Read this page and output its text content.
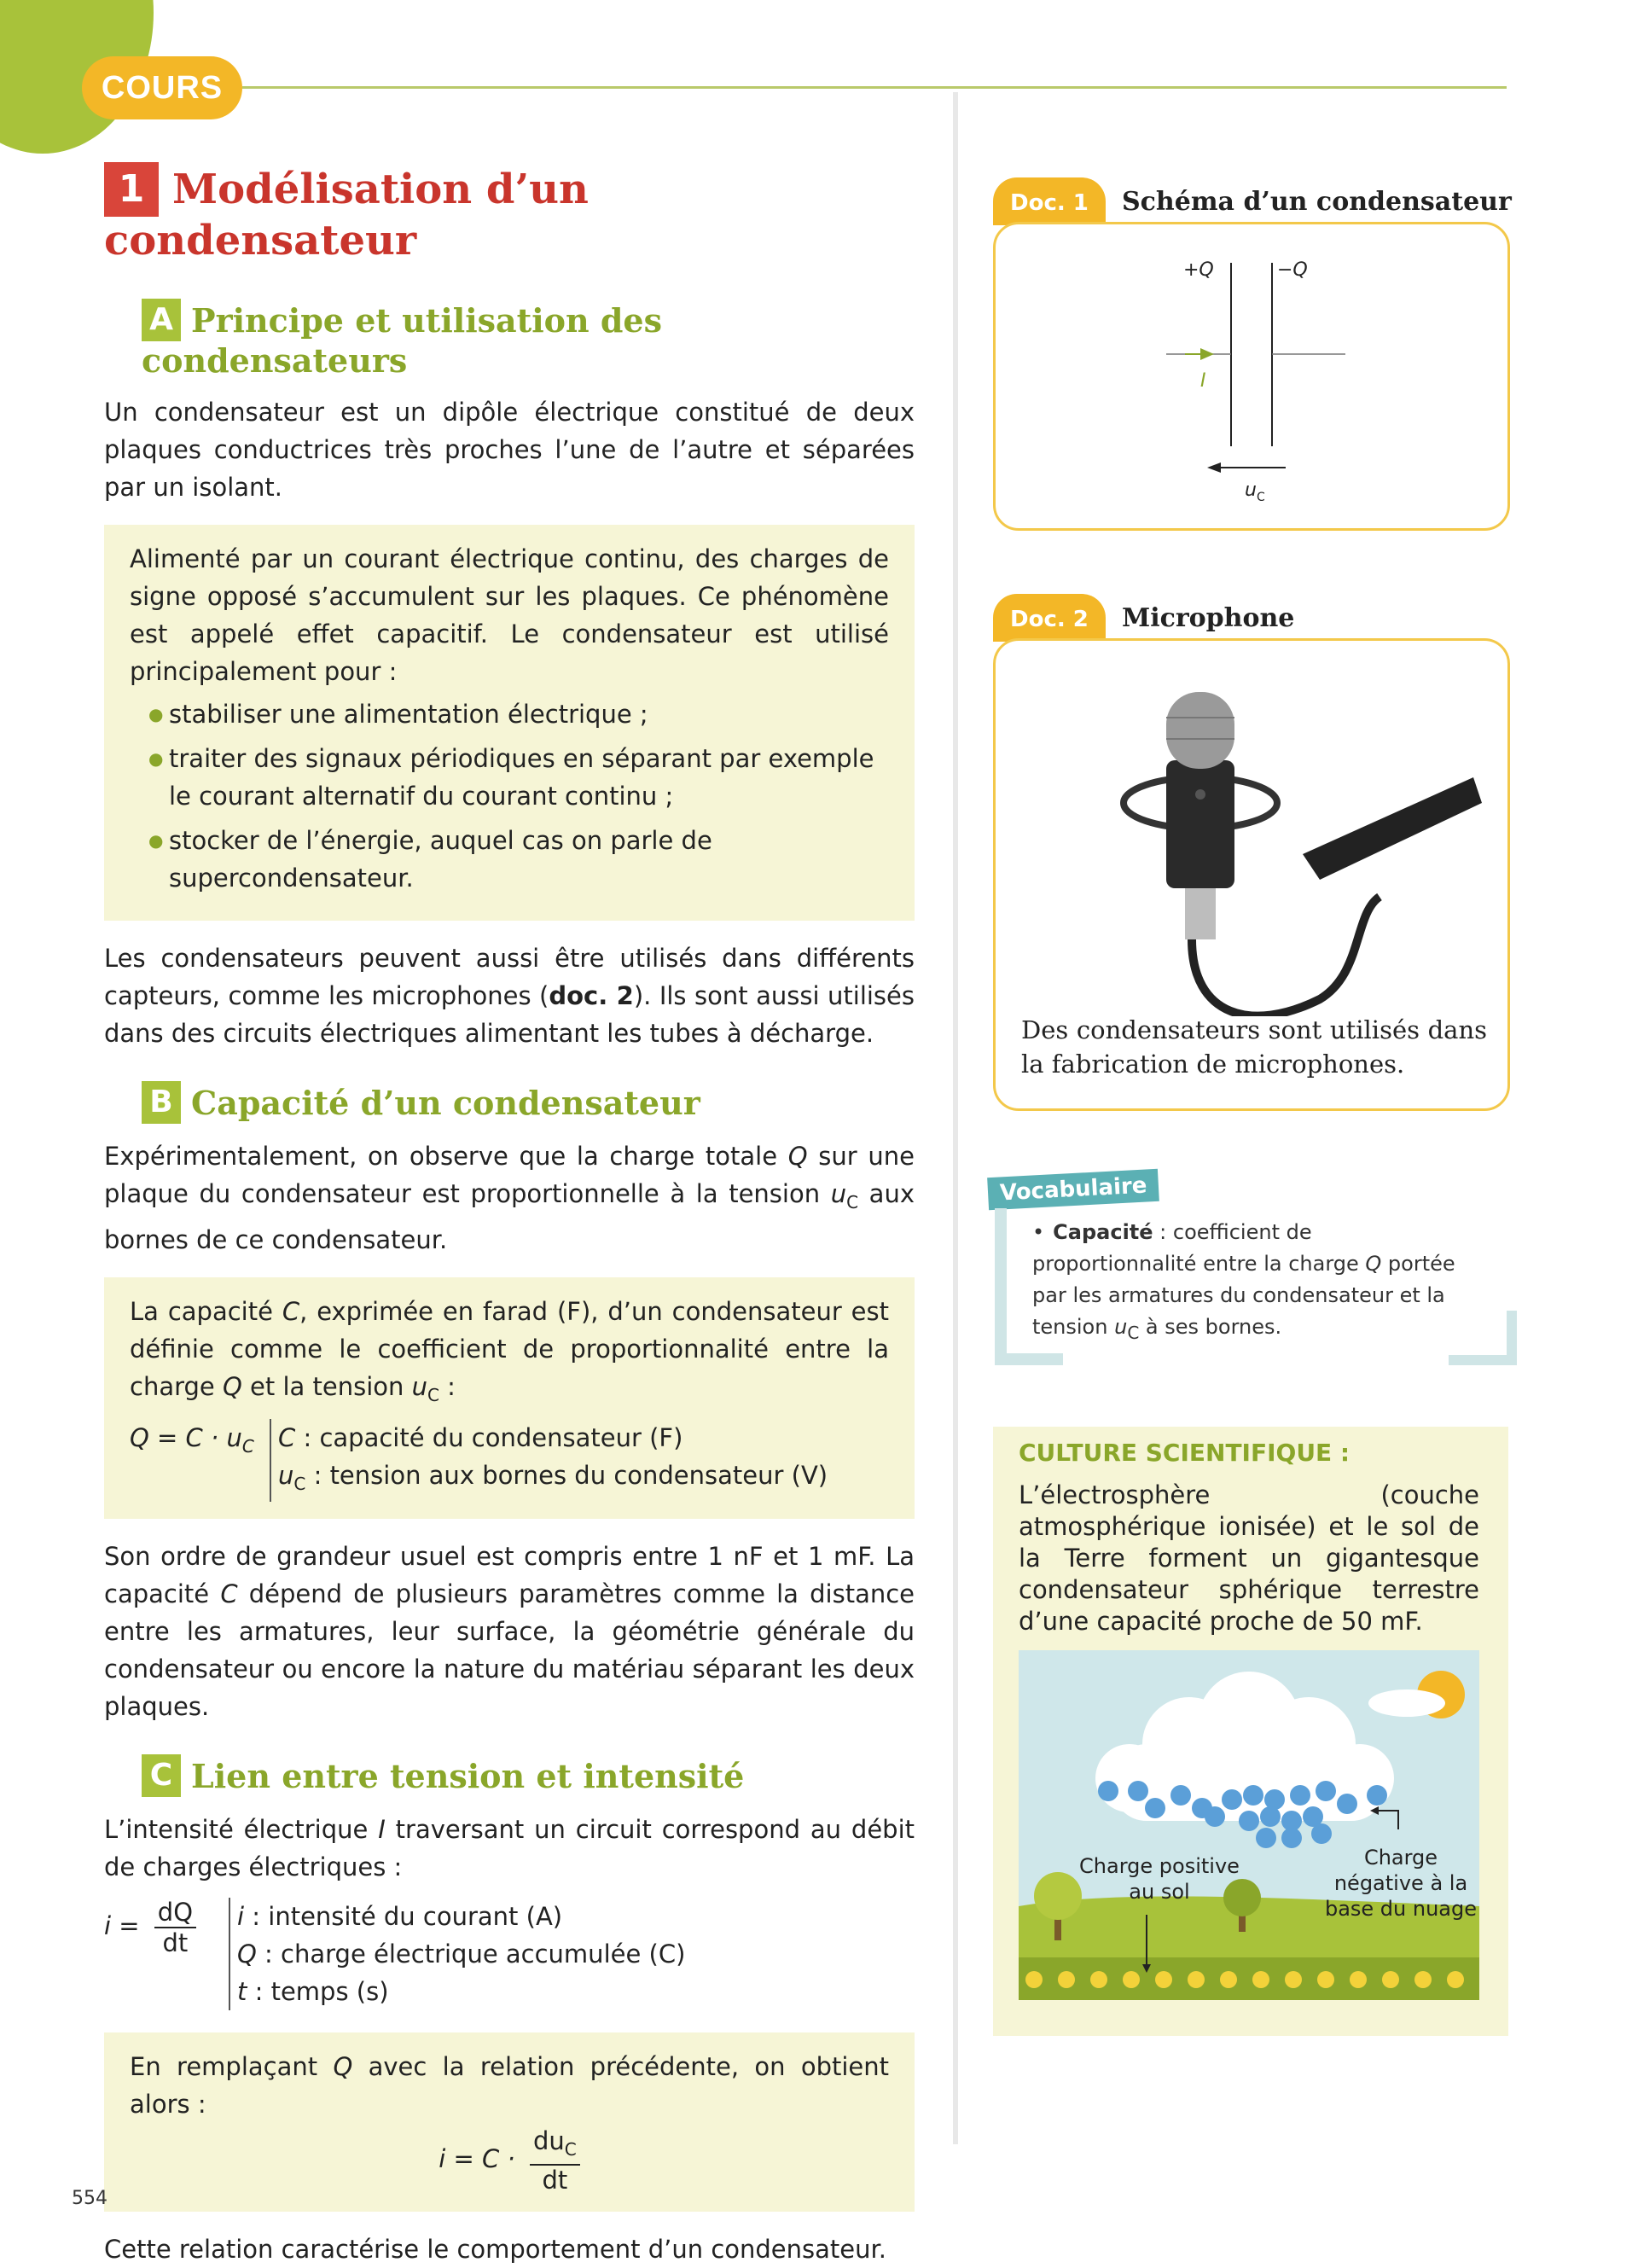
COURS
1 Modélisation d’un condensateur
A Principe et utilisation des condensateurs

Un condensateur est un dipôle électrique constitué de deux plaques conductrices très proches l’une de l’autre et séparées par un isolant.

Alimenté par un courant électrique continu, des charges de signe opposé s’accumulent sur les plaques. Ce phénomène est appelé effet capacitif. Le condensateur est utilisé principalement pour :

● stabiliser une alimentation électrique ;
● traiter des signaux périodiques en séparant par exemple le courant alternatif du courant continu ;
● stocker de l’énergie, auquel cas on parle de supercondensateur.

Les condensateurs peuvent aussi être utilisés dans différents capteurs, comme les microphones (doc. 2). Ils sont aussi utilisés dans des circuits électriques alimentant les tubes à décharge.

B Capacité d’un condensateur

Expérimentalement, on observe que la charge totale Q sur une plaque du condensateur est proportionnelle à la tension $u_C$ aux bornes de ce condensateur.

La capacité C, exprimée en farad (F), d’un condensateur est définie comme le coefficient de proportionnalité entre la charge Q et la tension $u_C$ :

$Q = C \cdot u_C$ C : capacité du condensateur (F)
$u_C$ : tension aux bornes du condensateur (V)

Son ordre de grandeur usuel est compris entre 1 nF et 1 mF. La capacité C dépend de plusieurs paramètres comme la distance entre les armatures, leur surface, la géométrie générale du condensateur ou encore la nature du matériau séparant les deux plaques.

C Lien entre tension et intensité

L’intensité électrique I traversant un circuit correspond au débit de charges électriques :

$i = \frac{dQ}{dt}$ i : intensité du courant (A)
Q : charge électrique accumulée (C)
t : temps (s)

En remplaçant Q avec la relation précédente, on obtient alors :

$i = C \cdot \frac{du_C}{dt}$

Cette relation caractérise le comportement d’un condensateur.

Doc. 1 Schéma d’un condensateur
+Q	−Q
I
u C
Doc. 2 Microphone
Des condensateurs sont utilisés dans la fabrication de microphones.
Vocabulaire
• Capacité : coefficient de proportionnalité entre la charge Q portée par les armatures du condensateur et la tension $u_C$ à ses bornes.
CULTURE SCIENTIFIQUE :
L’électrosphère (couche atmosphérique ionisée) et le sol de la Terre forment un gigantesque condensateur sphérique terrestre d’une capacité proche de 50 mF.
Charge positive au sol
Charge négative à la base du nuage
554
